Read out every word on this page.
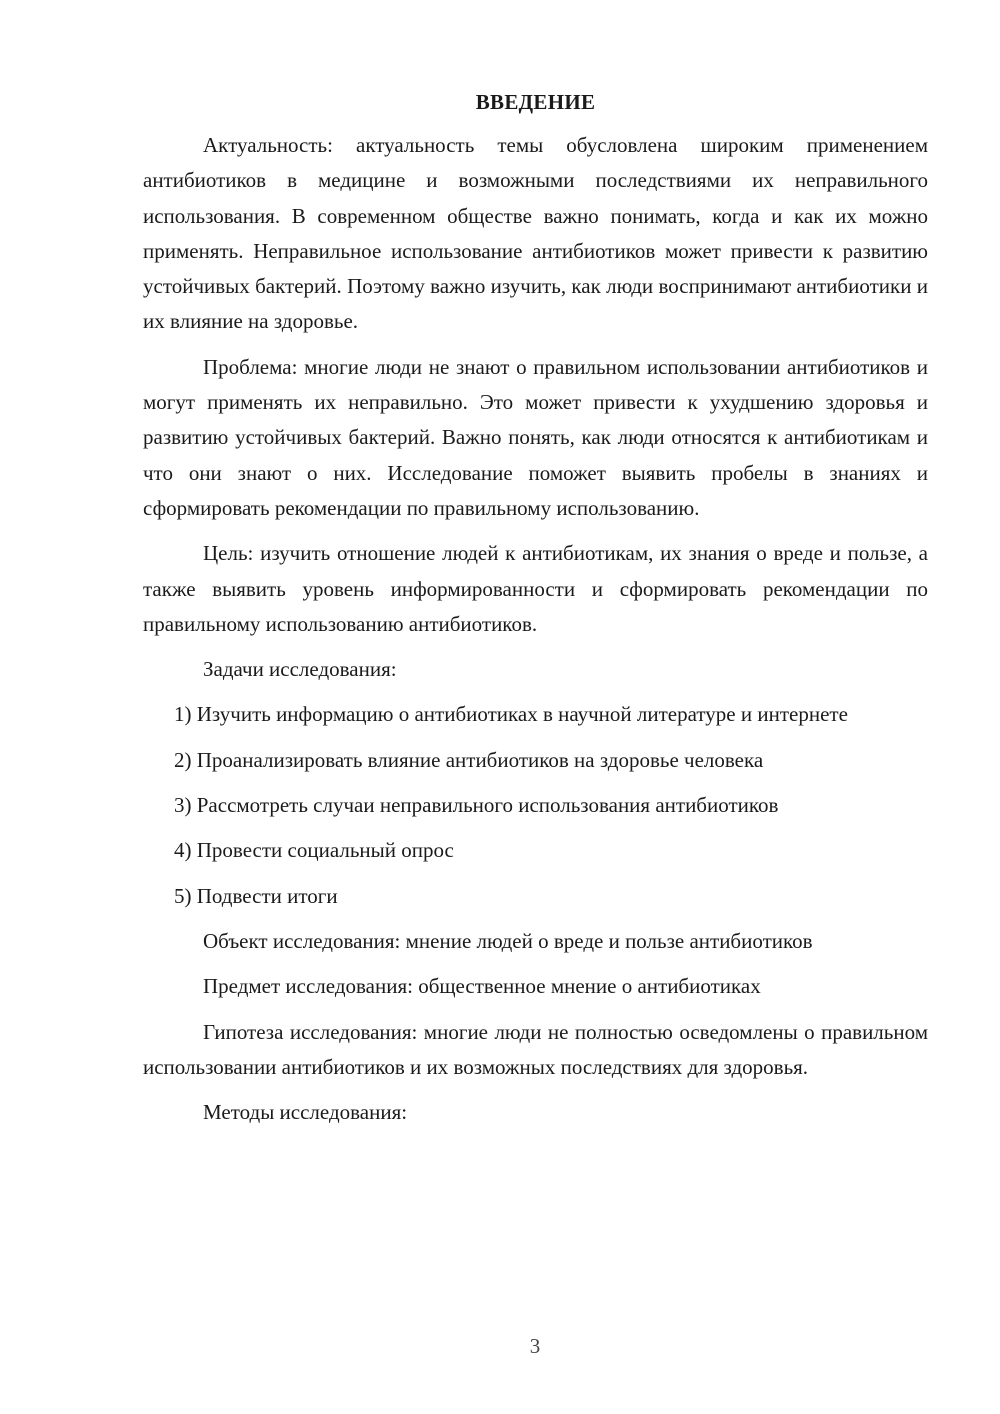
ВВЕДЕНИЕ

Актуальность: актуальность темы обусловлена широким применением антибиотиков в медицине и возможными последствиями их неправильного использования. В современном обществе важно понимать, когда и как их можно применять. Неправильное использование антибиотиков может привести к развитию устойчивых бактерий. Поэтому важно изучить, как люди воспринимают антибиотики и их влияние на здоровье.

Проблема: многие люди не знают о правильном использовании антибиотиков и могут применять их неправильно. Это может привести к ухудшению здоровья и развитию устойчивых бактерий. Важно понять, как люди относятся к антибиотикам и что они знают о них. Исследование поможет выявить пробелы в знаниях и сформировать рекомендации по правильному использованию.

Цель: изучить отношение людей к антибиотикам, их знания о вреде и пользе, а также выявить уровень информированности и сформировать рекомендации по правильному использованию антибиотиков.

Задачи исследования:

1) Изучить информацию о антибиотиках в научной литературе и интернете

2) Проанализировать влияние антибиотиков на здоровье человека

3) Рассмотреть случаи неправильного использования антибиотиков

4) Провести социальный опрос

5) Подвести итоги

Объект исследования: мнение людей о вреде и пользе антибиотиков

Предмет исследования: общественное мнение о антибиотиках

Гипотеза исследования: многие люди не полностью осведомлены о правильном использовании антибиотиков и их возможных последствиях для здоровья.

Методы исследования:

3
